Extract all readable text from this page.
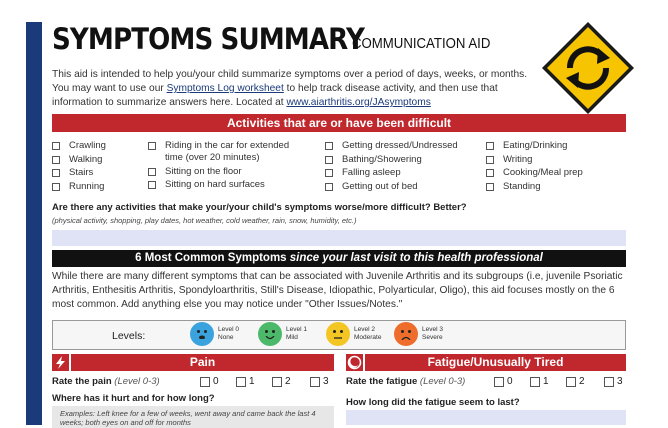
SYMPTOMS SUMMARY
COMMUNICATION AID
This aid is intended to help you/your child summarize symptoms over a period of days, weeks, or months. You may want to use our Symptoms Log worksheet to help track disease activity, and then use that information to summarize answers here. Located at www.aiarthritis.org/JAsymptoms
Activities that are or have been difficult
Crawling
Walking
Stairs
Running
Riding in the car for extended time (over 20 minutes)
Sitting on the floor
Sitting on hard surfaces
Getting dressed/Undressed
Bathing/Showering
Falling asleep
Getting out of bed
Eating/Drinking
Writing
Cooking/Meal prep
Standing
Are there any activities that make your/your child's symptoms worse/more difficult? Better?
(physical activity, shopping, play dates, hot weather, cold weather, rain, snow, humidity, etc.)
6 Most Common Symptoms since your last visit to this health professional
While there are many different symptoms that can be associated with Juvenile Arthritis and its subgroups (i.e, juvenile Psoriatic Arthritis, Enthesitis Arthritis, Spondyloarthritis, Still's Disease, Idiopathic, Polyarticular, Oligo), this aid focuses mostly on the 6 most common. Add anything else you may notice under "Other Issues/Notes."
Levels:
Level 0
None
Level 1
Mild
Level 2
Moderate
Level 3
Severe
Pain
Rate the pain (Level 0-3)	0	1	2	3
Where has it hurt and for how long?
Examples: Left knee for a few of weeks, went away and came back the last 4 weeks; both eyes on and off for months
Fatigue/Unusually Tired
Rate the fatigue (Level 0-3)	0	1	2	3
How long did the fatigue seem to last?
